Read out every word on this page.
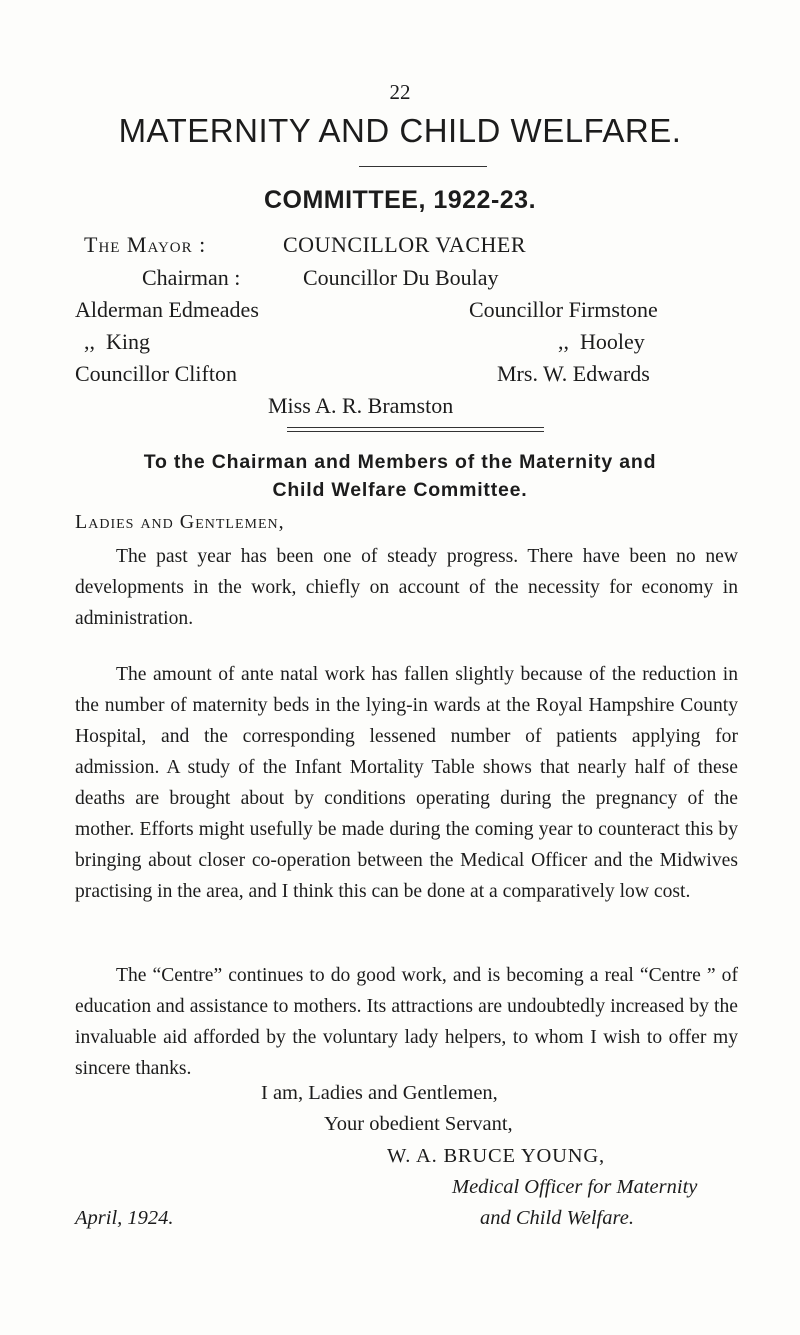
22
MATERNITY AND CHILD WELFARE.
COMMITTEE, 1922-23.
The Mayor :	COUNCILLOR VACHER
Chairman :	Councillor Du Boulay
Alderman Edmeades	Councillor Firmstone
,,  King	,,  Hooley
Councillor Clifton	Mrs. W. Edwards
Miss A. R. Bramston
To the Chairman and Members of the Maternity and
Child Welfare Committee.
Ladies and Gentlemen,

The past year has been one of steady progress. There have been no new developments in the work, chiefly on account of the necessity for economy in administration.

The amount of ante natal work has fallen slightly because of the reduction in the number of maternity beds in the lying-in wards at the Royal Hampshire County Hospital, and the corresponding lessened number of patients applying for admission. A study of the Infant Mortality Table shows that nearly half of these deaths are brought about by conditions operating during the pregnancy of the mother. Efforts might usefully be made during the coming year to counteract this by bringing about closer co-operation between the Medical Officer and the Midwives practising in the area, and I think this can be done at a comparatively low cost.

The “Centre” continues to do good work, and is becoming a real “Centre ” of education and assistance to mothers. Its attractions are undoubtedly increased by the invaluable aid afforded by the voluntary lady helpers, to whom I wish to offer my sincere thanks.

I am, Ladies and Gentlemen,
Your obedient Servant,
W. A. BRUCE YOUNG,
Medical Officer for Maternity
April, 1924.	and Child Welfare.
